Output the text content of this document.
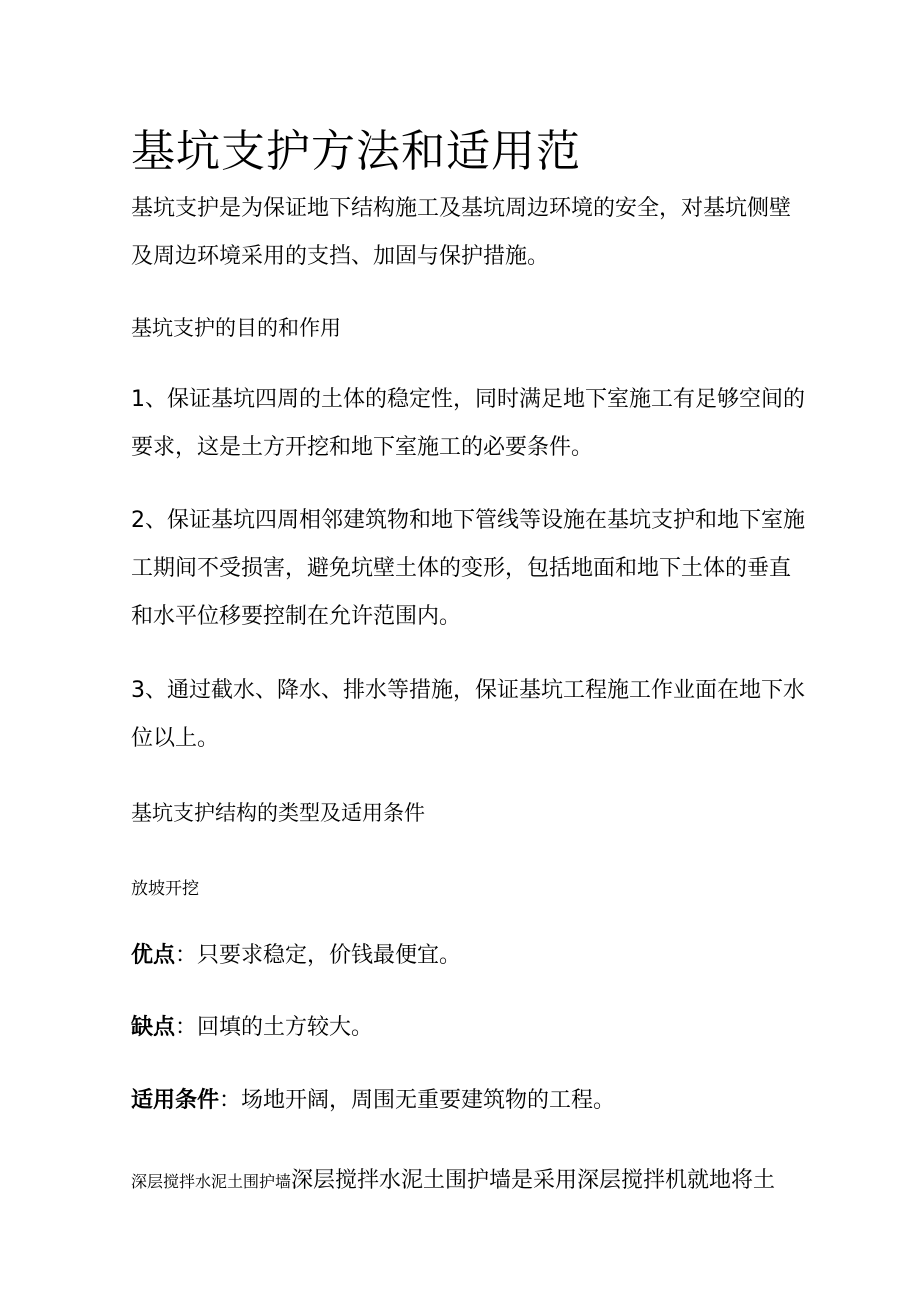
基坑支护方法和适用范
基坑支护是为保证地下结构施工及基坑周边环境的安全，对基坑侧壁
及周边环境采用的支挡、加固与保护措施。
基坑支护的目的和作用
1、保证基坑四周的土体的稳定性，同时满足地下室施工有足够空间的
要求，这是土方开挖和地下室施工的必要条件。
2、保证基坑四周相邻建筑物和地下管线等设施在基坑支护和地下室施
工期间不受损害，避免坑壁土体的变形，包括地面和地下土体的垂直
和水平位移要控制在允许范围内。
3、通过截水、降水、排水等措施，保证基坑工程施工作业面在地下水
位以上。
基坑支护结构的类型及适用条件
放坡开挖
优点：只要求稳定，价钱最便宜。
缺点：回填的土方较大。
适用条件：场地开阔，周围无重要建筑物的工程。
深层搅拌水泥土围护墙深层搅拌水泥土围护墙是采用深层搅拌机就地将土
